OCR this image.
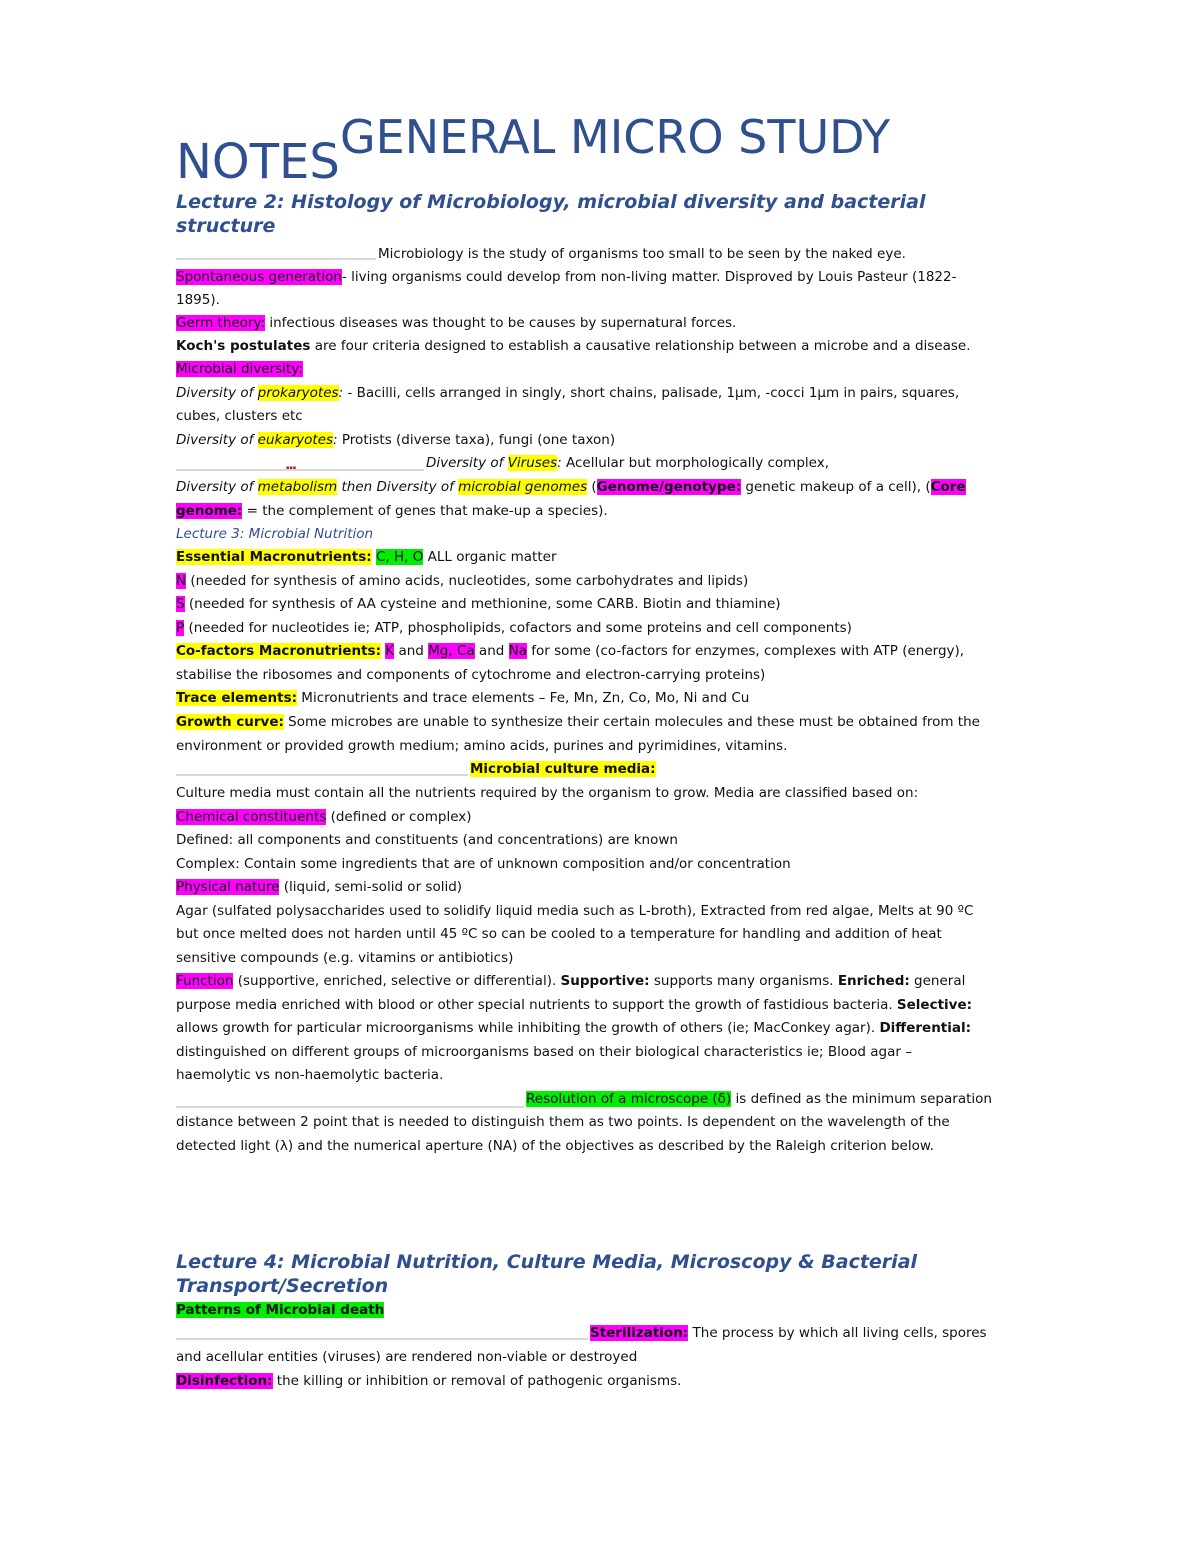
GENERAL MICRO STUDY
NOTES
Lecture 2: Histology of Microbiology, microbial diversity and bacterial structure
Microbiology is the study of organisms too small to be seen by the naked eye.
Spontaneous generation- living organisms could develop from non-living matter. Disproved by Louis Pasteur (1822-
1895).
Germ theory: infectious diseases was thought to be causes by supernatural forces.
Koch's postulates are four criteria designed to establish a causative relationship between a microbe and a disease.
Microbial diversity:
Diversity of prokaryotes: - Bacilli, cells arranged in singly, short chains, palisade, 1μm, -cocci 1μm in pairs, squares,
cubes, clusters etc
Diversity of eukaryotes: Protists (diverse taxa), fungi (one taxon)
▪▪▪	Diversity of Viruses: Acellular but morphologically complex,
Diversity of metabolism then Diversity of microbial genomes (Genome/genotype: genetic makeup of a cell), (Core
genome: = the complement of genes that make-up a species).
Lecture 3: Microbial Nutrition
Essential Macronutrients: C, H, O ALL organic matter
N (needed for synthesis of amino acids, nucleotides, some carbohydrates and lipids)
S (needed for synthesis of AA cysteine and methionine, some CARB. Biotin and thiamine)
P (needed for nucleotides ie; ATP, phospholipids, cofactors and some proteins and cell components)
Co-factors Macronutrients: K and Mg, Ca and Na for some (co-factors for enzymes, complexes with ATP (energy),
stabilise the ribosomes and components of cytochrome and electron-carrying proteins)
Trace elements: Micronutrients and trace elements – Fe, Mn, Zn, Co, Mo, Ni and Cu
Growth curve: Some microbes are unable to synthesize their certain molecules and these must be obtained from the
environment or provided growth medium; amino acids, purines and pyrimidines, vitamins.
Microbial culture media:
Culture media must contain all the nutrients required by the organism to grow. Media are classified based on:
Chemical constituents (defined or complex)
Defined: all components and constituents (and concentrations) are known
Complex: Contain some ingredients that are of unknown composition and/or concentration
Physical nature (liquid, semi-solid or solid)
Agar (sulfated polysaccharides used to solidify liquid media such as L-broth), Extracted from red algae, Melts at 90 ºC
but once melted does not harden until 45 ºC so can be cooled to a temperature for handling and addition of heat
sensitive compounds (e.g. vitamins or antibiotics)
Function (supportive, enriched, selective or differential). Supportive: supports many organisms. Enriched: general
purpose media enriched with blood or other special nutrients to support the growth of fastidious bacteria. Selective:
allows growth for particular microorganisms while inhibiting the growth of others (ie; MacConkey agar). Differential:
distinguished on different groups of microorganisms based on their biological characteristics ie; Blood agar –
haemolytic vs non-haemolytic bacteria.
Resolution of a microscope (δ) is defined as the minimum separation
distance between 2 point that is needed to distinguish them as two points. Is dependent on the wavelength of the
detected light (λ) and the numerical aperture (NA) of the objectives as described by the Raleigh criterion below.
Lecture 4: Microbial Nutrition, Culture Media, Microscopy & Bacterial Transport/Secretion
Patterns of Microbial death
Sterilization: The process by which all living cells, spores
and acellular entities (viruses) are rendered non-viable or destroyed
Disinfection: the killing or inhibition or removal of pathogenic organisms.
